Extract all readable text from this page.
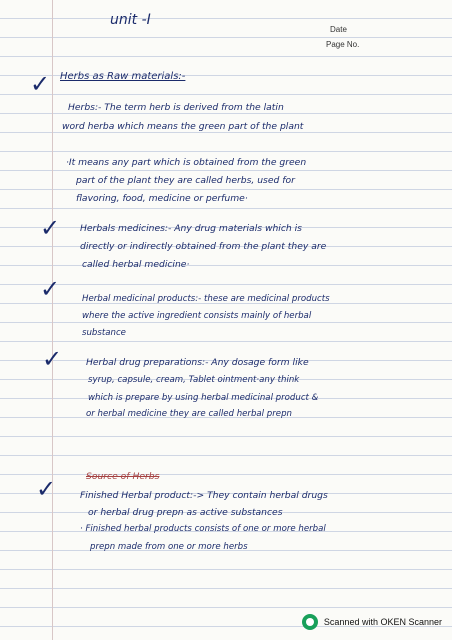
unit -I
Date
Page No.
✓
✓
✓
✓
✓
Herbs as Raw materials:-
Herbs:- The term herb is derived from the latin
word herba which means the green part of the plant
·It means any part which is obtained from the green
part of the plant they are called herbs, used for
flavoring, food, medicine or perfume·
Herbals medicines:- Any drug materials which is
directly or indirectly obtained from the plant they are
called herbal medicine·
Herbal medicinal products:- these are medicinal products
where the active ingredient consists mainly of herbal
substance
Herbal drug preparations:- Any dosage form like
syrup, capsule, cream, Tablet ointment·any think
which is prepare by using herbal medicinal product &
or herbal medicine they are called herbal prepn
Source of Herbs
Finished Herbal product:-> They contain herbal drugs
or herbal drug prepn as active substances
· Finished herbal products consists of one or more herbal
prepn made from one or more herbs
Scanned with OKEN Scanner
